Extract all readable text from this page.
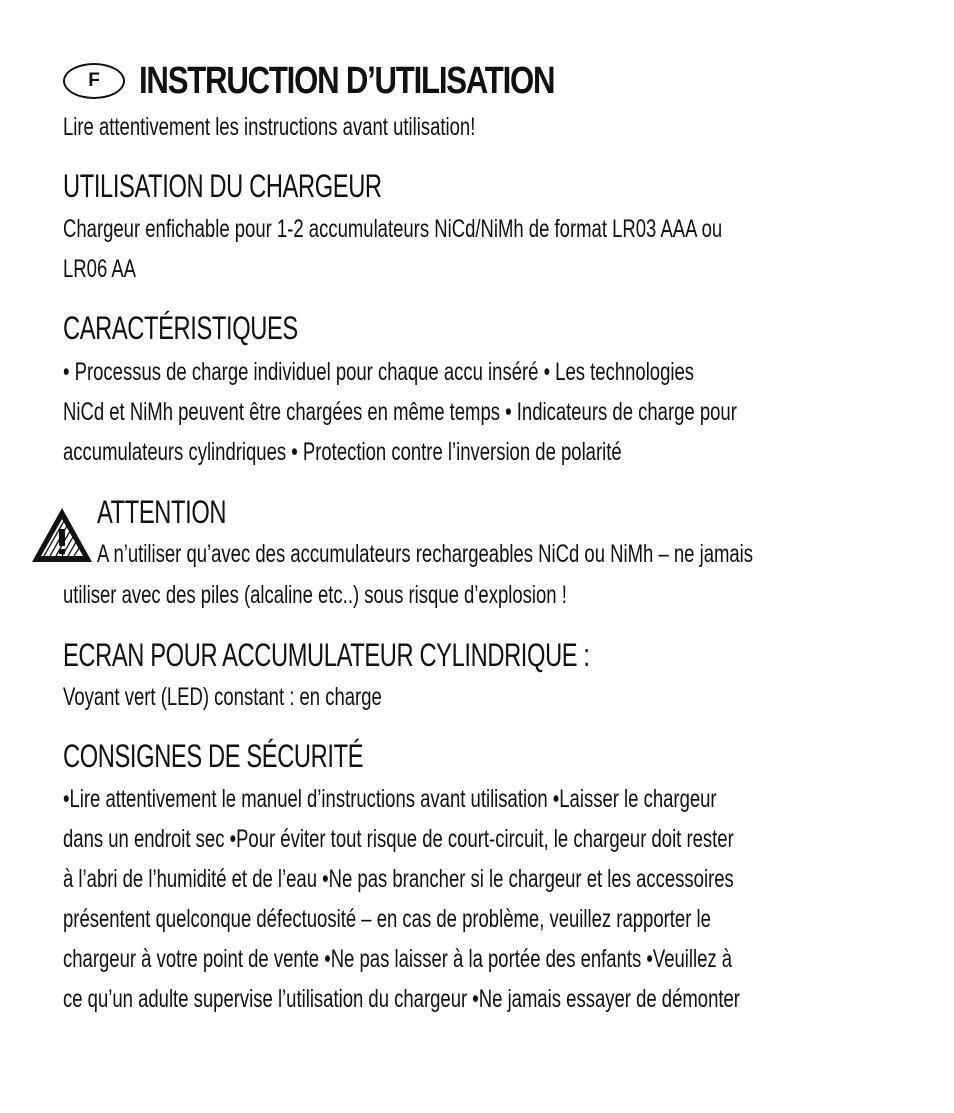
F	INSTRUCTION D’UTILISATION
Lire attentivement les instructions avant utilisation!
UTILISATION DU CHARGEUR
Chargeur enfichable pour 1-2 accumulateurs NiCd/NiMh de format LR03 AAA ou
LR06 AA
CARACTÉRISTIQUES
• Processus de charge individuel pour chaque accu inséré • Les technologies
NiCd et NiMh peuvent être chargées en même temps • Indicateurs de charge pour
accumulateurs cylindriques • Protection contre l’inversion de polarité
ATTENTION
A n’utiliser qu’avec des accumulateurs rechargeables NiCd ou NiMh – ne jamais
utiliser avec des piles (alcaline etc..) sous risque d’explosion !
ECRAN POUR ACCUMULATEUR CYLINDRIQUE :
Voyant vert (LED) constant : en charge
CONSIGNES DE SÉCURITÉ
•Lire attentivement le manuel d’instructions avant utilisation •Laisser le chargeur
dans un endroit sec •Pour éviter tout risque de court-circuit, le chargeur doit rester
à l’abri de l’humidité et de l’eau •Ne pas brancher si le chargeur et les accessoires
présentent quelconque défectuosité – en cas de problème, veuillez rapporter le
chargeur à votre point de vente •Ne pas laisser à la portée des enfants •Veuillez à
ce qu’un adulte supervise l’utilisation du chargeur •Ne jamais essayer de démonter
